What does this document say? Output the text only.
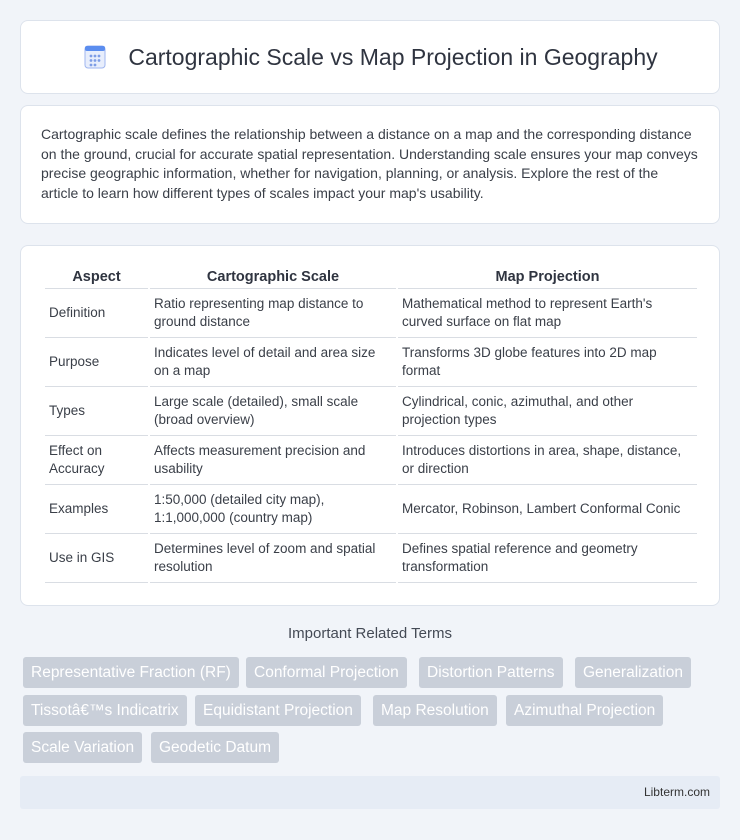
Cartographic Scale vs Map Projection in Geography

Cartographic scale defines the relationship between a distance on a map and the corresponding distance on the ground, crucial for accurate spatial representation. Understanding scale ensures your map conveys precise geographic information, whether for navigation, planning, or analysis. Explore the rest of the article to learn how different types of scales impact your map's usability.

Aspect	Cartographic Scale	Map Projection
Definition	Ratio representing map distance to ground distance	Mathematical method to represent Earth's curved surface on flat map
Purpose	Indicates level of detail and area size on a map	Transforms 3D globe features into 2D map format
Types	Large scale (detailed), small scale (broad overview)	Cylindrical, conic, azimuthal, and other projection types
Effect on Accuracy	Affects measurement precision and usability	Introduces distortions in area, shape, distance, or direction
Examples	1:50,000 (detailed city map), 1:1,000,000 (country map)	Mercator, Robinson, Lambert Conformal Conic
Use in GIS	Determines level of zoom and spatial resolution	Defines spatial reference and geometry transformation
Important Related Terms
Representative Fraction (RF)	Conformal Projection	Distortion Patterns	Generalization
Tissotâ€™s Indicatrix	Equidistant Projection	Map Resolution	Azimuthal Projection
Scale Variation	Geodetic Datum
Libterm.com
